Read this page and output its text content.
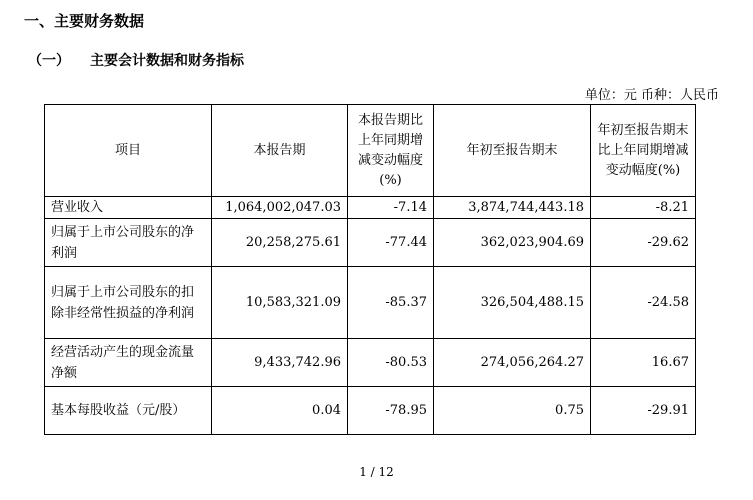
一、主要财务数据
（一） 主要会计数据和财务指标
单位：元 币种：人民币
项目	本报告期	本报告期比上年同期增减变动幅度(%)	年初至报告期末	年初至报告期末比上年同期增减变动幅度(%)
营业收入	1,064,002,047.03	-7.14	3,874,744,443.18	-8.21
归属于上市公司股东的净利润	20,258,275.61	-77.44	362,023,904.69	-29.62
归属于上市公司股东的扣除非经常性损益的净利润	10,583,321.09	-85.37	326,504,488.15	-24.58
经营活动产生的现金流量净额	9,433,742.96	-80.53	274,056,264.27	16.67
基本每股收益（元/股）	0.04	-78.95	0.75	-29.91
1 / 12
